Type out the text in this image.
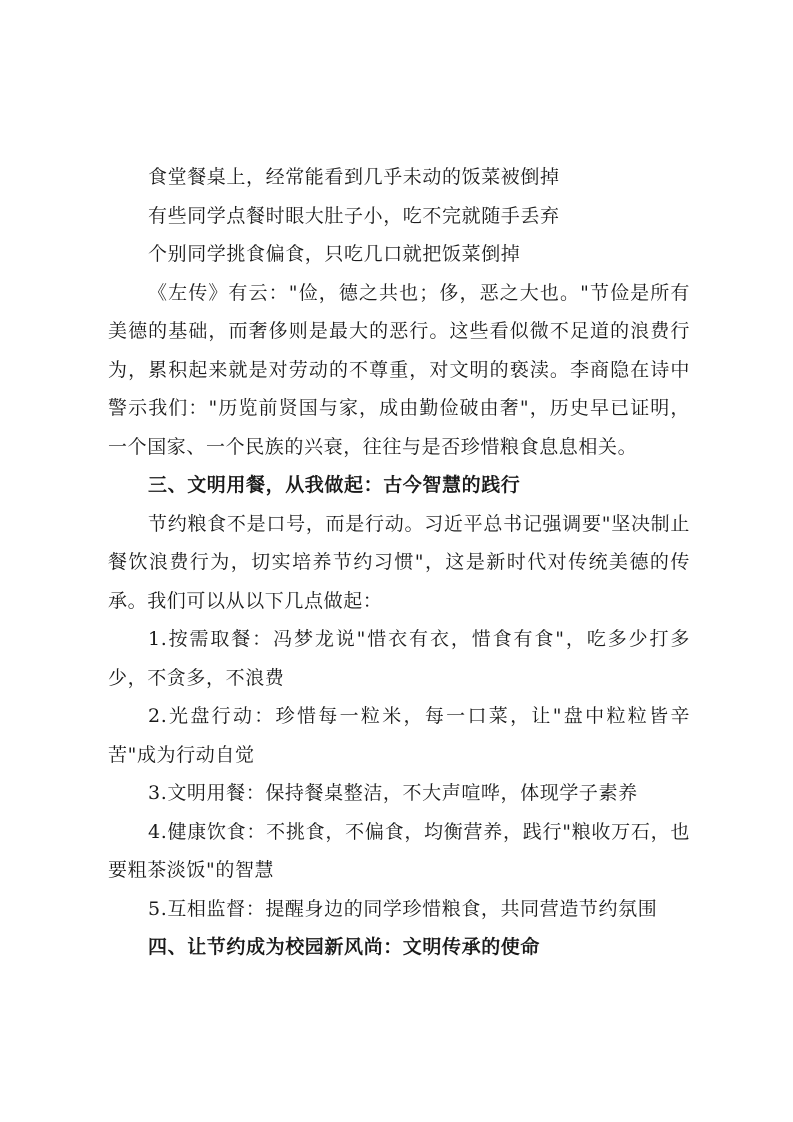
食堂餐桌上，经常能看到几乎未动的饭菜被倒掉

有些同学点餐时眼大肚子小，吃不完就随手丢弃

个别同学挑食偏食，只吃几口就把饭菜倒掉

《左传》有云："俭，德之共也；侈，恶之大也。"节俭是所有美德的基础，而奢侈则是最大的恶行。这些看似微不足道的浪费行为，累积起来就是对劳动的不尊重，对文明的亵渎。李商隐在诗中警示我们："历览前贤国与家，成由勤俭破由奢"，历史早已证明，一个国家、一个民族的兴衰，往往与是否珍惜粮食息息相关。

三、文明用餐，从我做起：古今智慧的践行

节约粮食不是口号，而是行动。习近平总书记强调要"坚决制止餐饮浪费行为，切实培养节约习惯"，这是新时代对传统美德的传承。我们可以从以下几点做起：

1.按需取餐：冯梦龙说"惜衣有衣，惜食有食"，吃多少打多少，不贪多，不浪费

2.光盘行动：珍惜每一粒米，每一口菜，让"盘中粒粒皆辛苦"成为行动自觉

3.文明用餐：保持餐桌整洁，不大声喧哗，体现学子素养

4.健康饮食：不挑食，不偏食，均衡营养，践行"粮收万石，也要粗茶淡饭"的智慧

5.互相监督：提醒身边的同学珍惜粮食，共同营造节约氛围

四、让节约成为校园新风尚：文明传承的使命
